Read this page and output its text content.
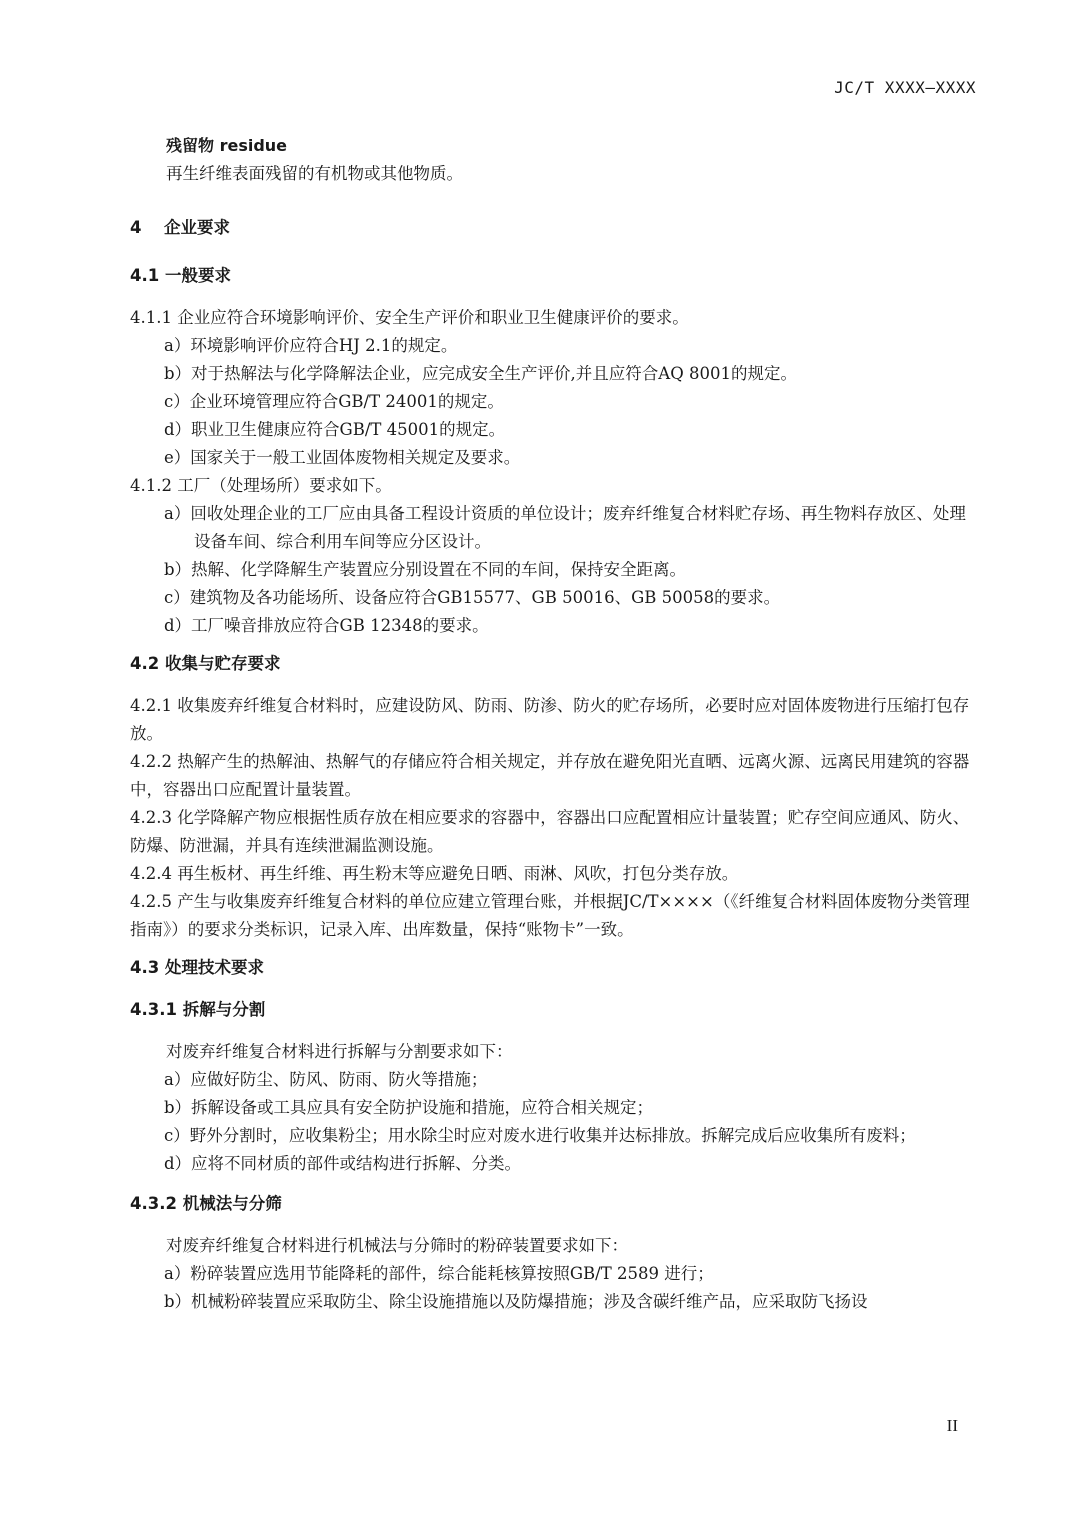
JC/T XXXX—XXXX

残留物 residue

再生纤维表面残留的有机物或其他物质。

4 企业要求

4.1 一般要求

4.1.1 企业应符合环境影响评价、安全生产评价和职业卫生健康评价的要求。

a）环境影响评价应符合HJ 2.1的规定。

b）对于热解法与化学降解法企业，应完成安全生产评价,并且应符合AQ 8001的规定。

c）企业环境管理应符合GB/T 24001的规定。

d）职业卫生健康应符合GB/T 45001的规定。

e）国家关于一般工业固体废物相关规定及要求。

4.1.2 工厂（处理场所）要求如下。

a）回收处理企业的工厂应由具备工程设计资质的单位设计；废弃纤维复合材料贮存场、再生物料存放区、处理设备车间、综合利用车间等应分区设计。

b）热解、化学降解生产装置应分别设置在不同的车间，保持安全距离。

c）建筑物及各功能场所、设备应符合GB15577、GB 50016、GB 50058的要求。

d）工厂噪音排放应符合GB 12348的要求。

4.2 收集与贮存要求

4.2.1 收集废弃纤维复合材料时，应建设防风、防雨、防渗、防火的贮存场所，必要时应对固体废物进行压缩打包存放。

4.2.2 热解产生的热解油、热解气的存储应符合相关规定，并存放在避免阳光直晒、远离火源、远离民用建筑的容器中，容器出口应配置计量装置。

4.2.3 化学降解产物应根据性质存放在相应要求的容器中，容器出口应配置相应计量装置；贮存空间应通风、防火、防爆、防泄漏，并具有连续泄漏监测设施。

4.2.4 再生板材、再生纤维、再生粉末等应避免日晒、雨淋、风吹，打包分类存放。

4.2.5 产生与收集废弃纤维复合材料的单位应建立管理台账，并根据JC/T××××（《纤维复合材料固体废物分类管理指南》）的要求分类标识，记录入库、出库数量，保持“账物卡”一致。

4.3 处理技术要求

4.3.1 拆解与分割

对废弃纤维复合材料进行拆解与分割要求如下：

a）应做好防尘、防风、防雨、防火等措施；

b）拆解设备或工具应具有安全防护设施和措施，应符合相关规定；

c）野外分割时，应收集粉尘；用水除尘时应对废水进行收集并达标排放。拆解完成后应收集所有废料；

d）应将不同材质的部件或结构进行拆解、分类。

4.3.2 机械法与分筛

对废弃纤维复合材料进行机械法与分筛时的粉碎装置要求如下：

a）粉碎装置应选用节能降耗的部件，综合能耗核算按照GB/T 2589 进行；

b）机械粉碎装置应采取防尘、除尘设施措施以及防爆措施；涉及含碳纤维产品，应采取防飞扬设

II
